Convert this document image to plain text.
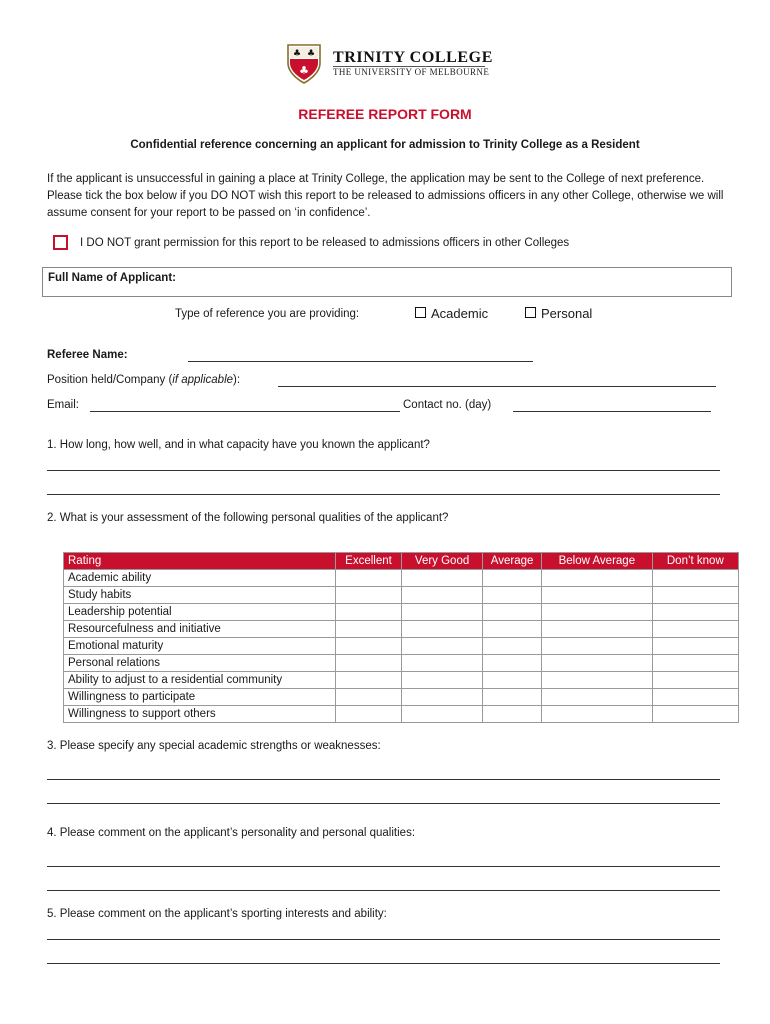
♣ ♣
♣
TRINITY COLLEGE
THE UNIVERSITY OF MELBOURNE
REFEREE REPORT FORM
Confidential reference concerning an applicant for admission to Trinity College as a Resident
If the applicant is unsuccessful in gaining a place at Trinity College, the application may be sent to the College of next preference. Please tick the box below if you DO NOT wish this report to be released to admissions officers in any other College, otherwise we will assume consent for your report to be passed on ‘in confidence’.
I DO NOT grant permission for this report to be released to admissions officers in other Colleges
Full Name of Applicant:
Type of reference you are providing:	Academic	Personal
Referee Name:
Position held/Company (if applicable):
Email:	Contact no. (day)
1. How long, how well, and in what capacity have you known the applicant?
2. What is your assessment of the following personal qualities of the applicant?
Rating	Excellent	Very Good	Average	Below Average	Don’t know
Academic ability					
Study habits					
Leadership potential					
Resourcefulness and initiative					
Emotional maturity					
Personal relations					
Ability to adjust to a residential community					
Willingness to participate					
Willingness to support others					
3. Please specify any special academic strengths or weaknesses:
4. Please comment on the applicant’s personality and personal qualities:
5. Please comment on the applicant’s sporting interests and ability:
